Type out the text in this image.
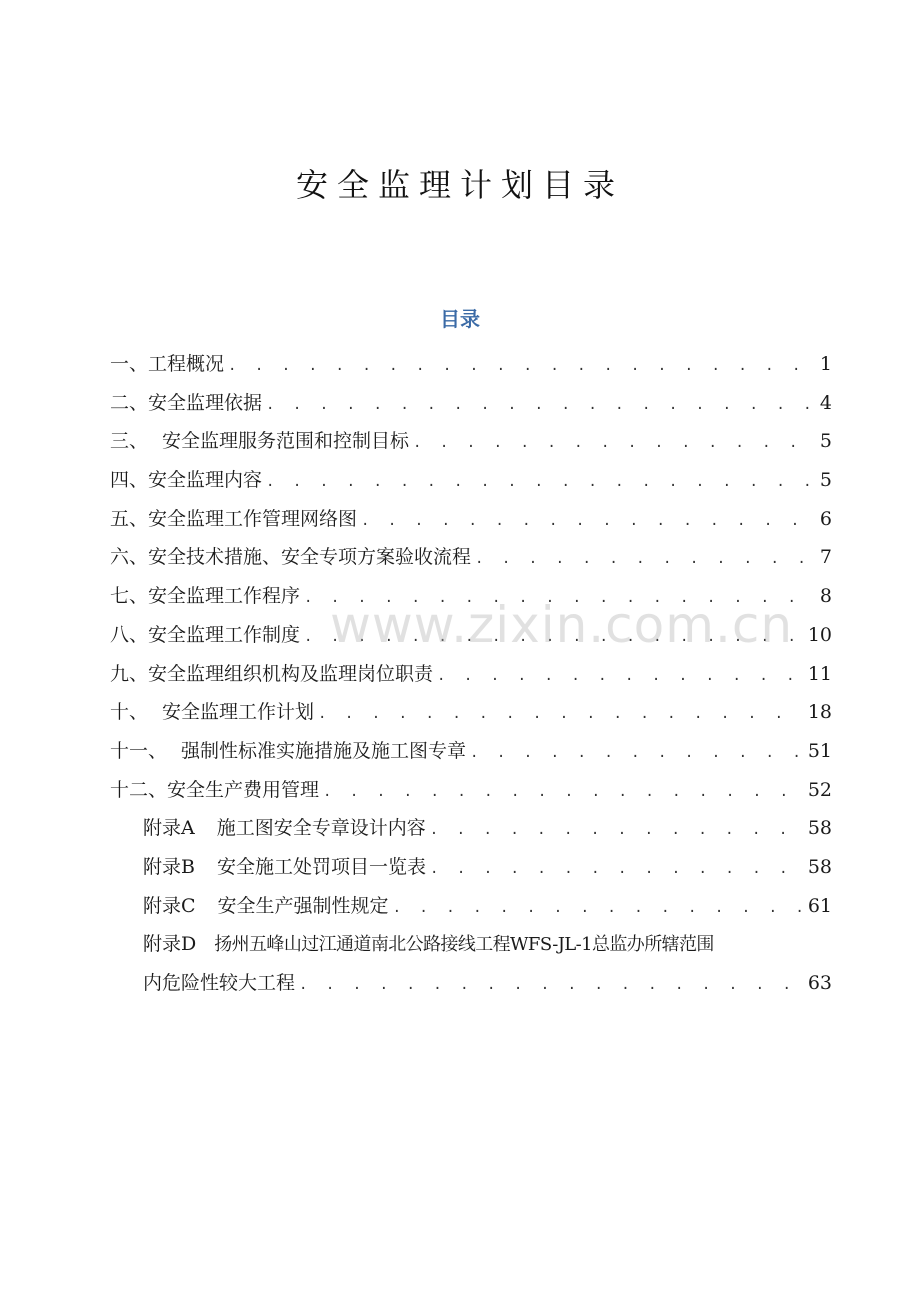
安全监理计划目录
目录
一、 工程概况 . . .	1
二、 安全监理依据 . . .	4
三、 安全监理服务范围和控制目标 . . .	5
四、 安全监理内容 . . .	5
五、 安全监理工作管理网络图 . . .	6
六、 安全技术措施、安全专项方案验收流程 . . .	7
七、 安全监理工作程序 . . .	8
八、 安全监理工作制度 . . .	10
九、 安全监理组织机构及监理岗位职责 . . .	11
十、 安全监理工作计划 . . .	18
十一、 强制性标准实施措施及施工图专章 . . .	51
十二、 安全生产费用管理 . . .	52
附录A 施工图安全专章设计内容 . . .	58
附录B 安全施工处罚项目一览表 . . .	58
附录C 安全生产强制性规定 . . .	61
附录D 扬州五峰山过江通道南北公路接线工程WFS-JL-1总监办所辖范围
内危险性较大工程 . . .	63
www.zixin.com.cn
